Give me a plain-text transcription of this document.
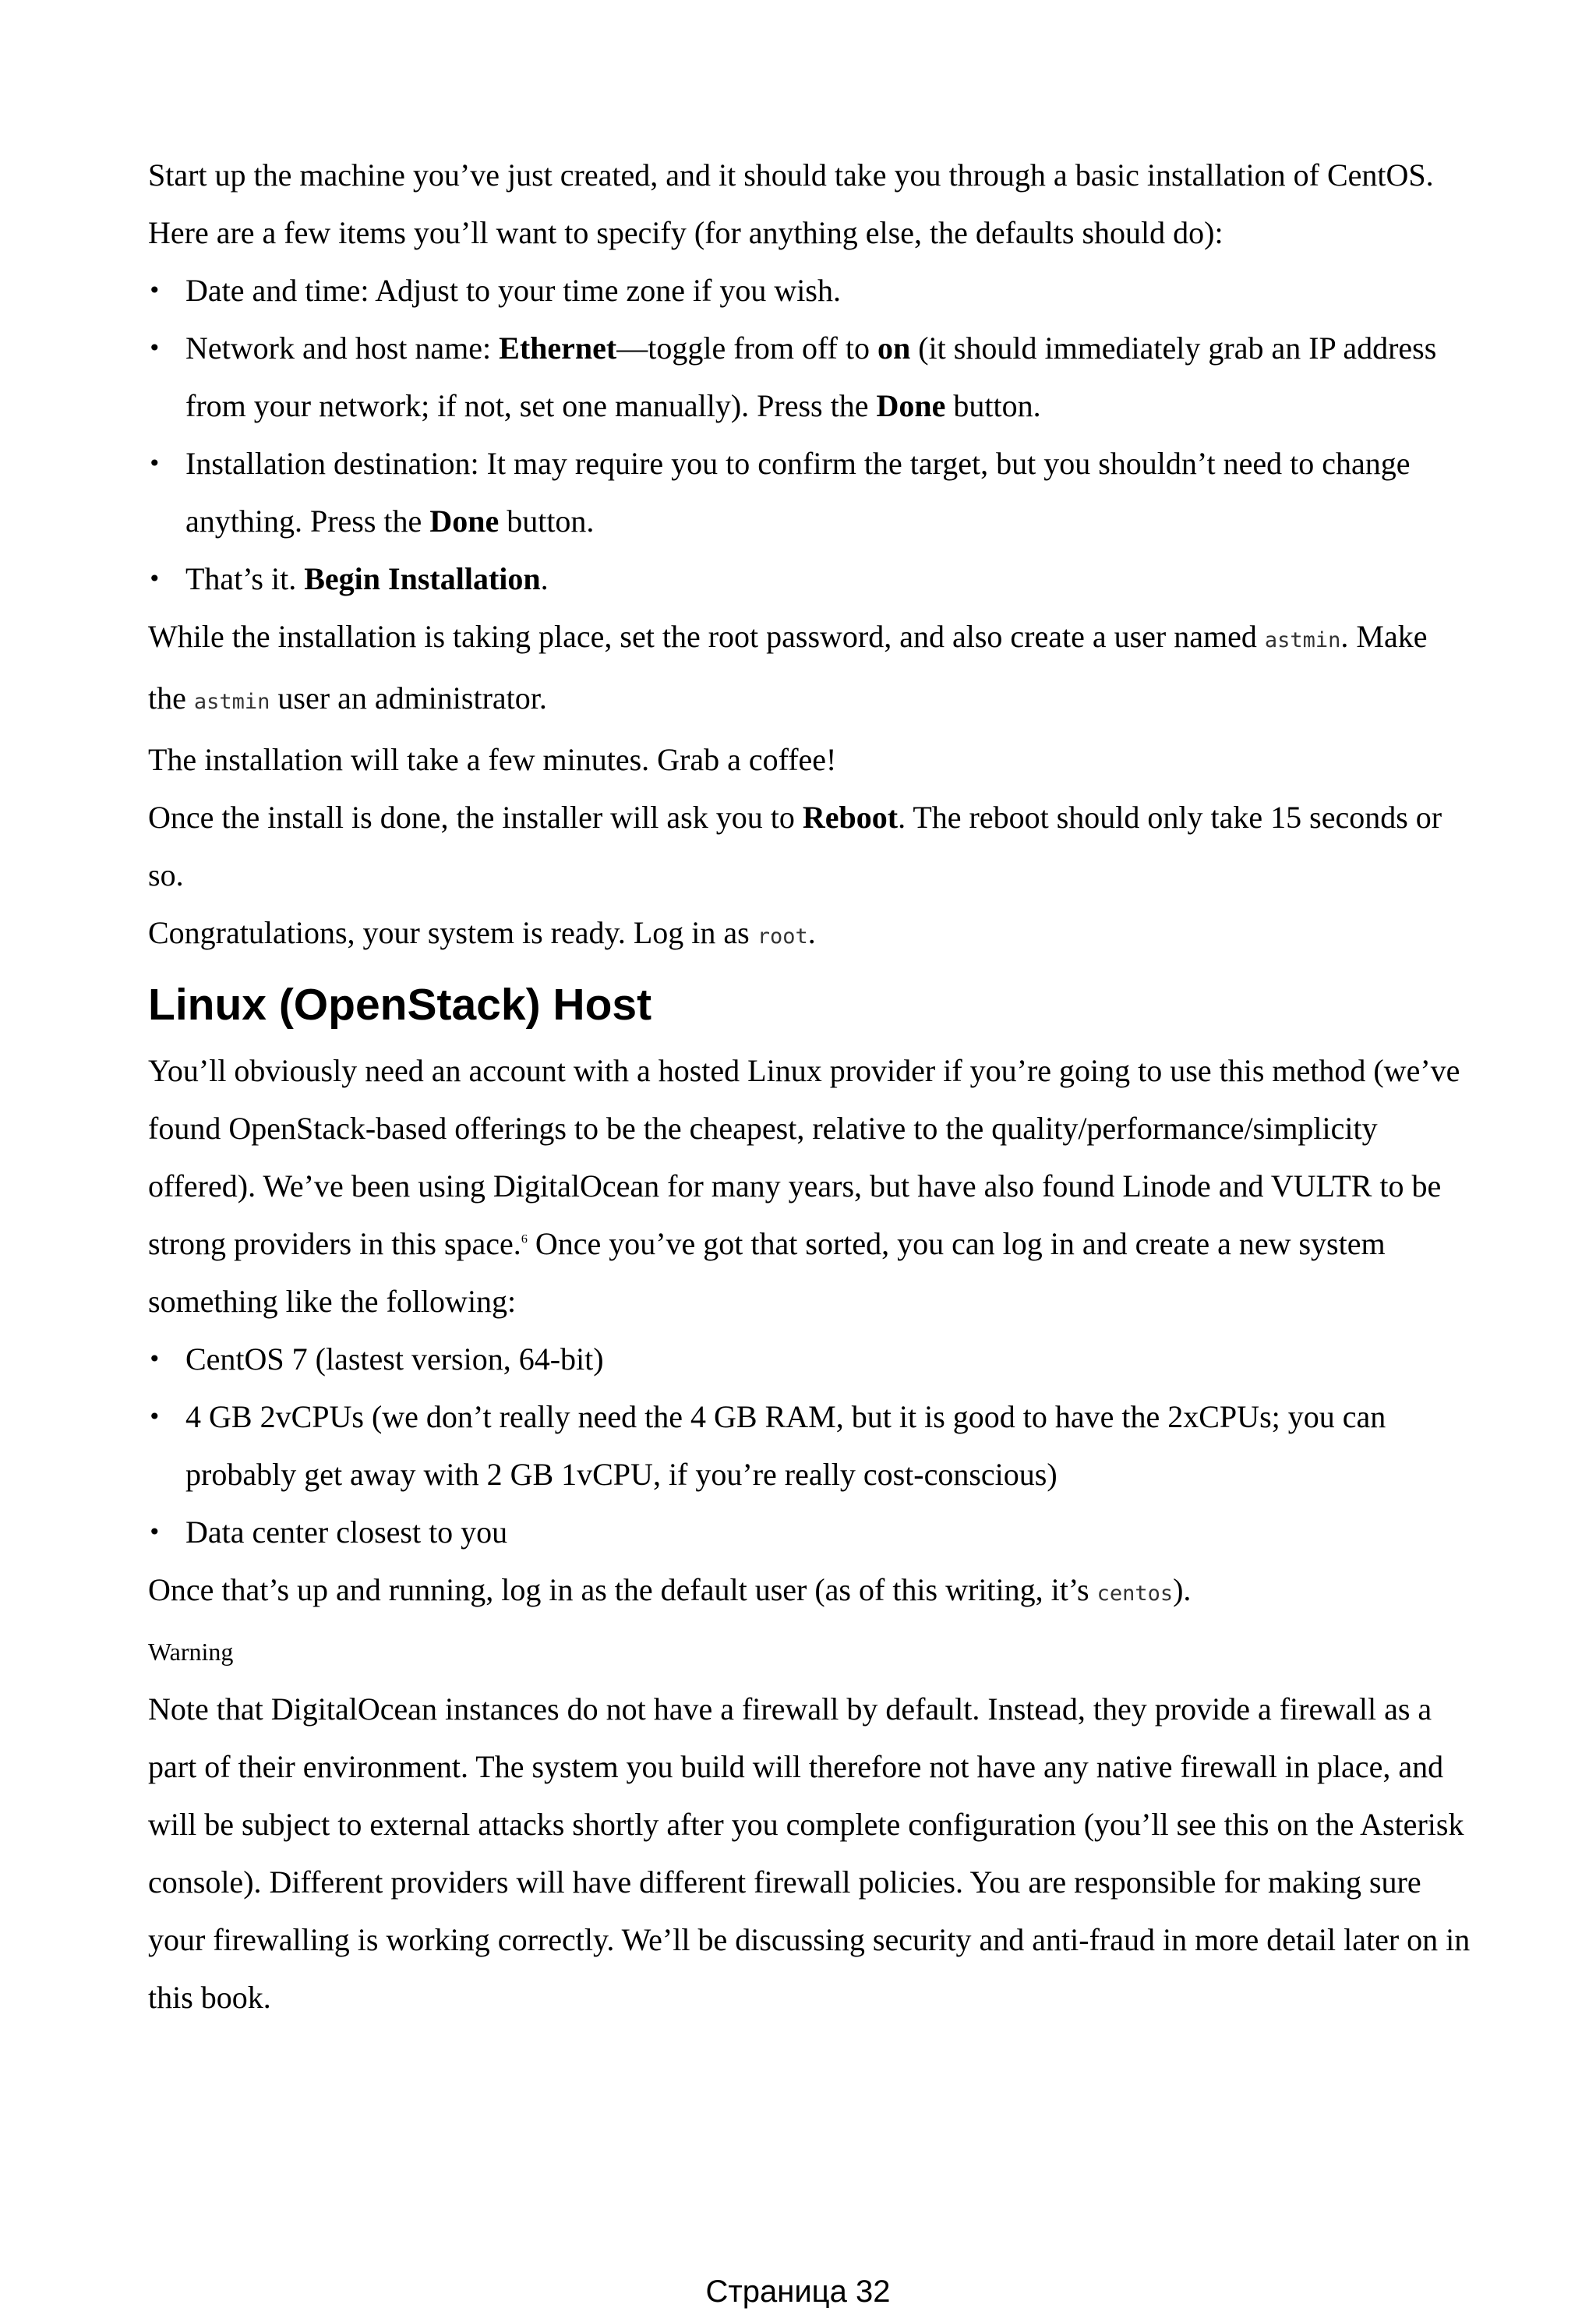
Start up the machine you’ve just created, and it should take you through a basic installation of CentOS. Here are a few items you’ll want to specify (for anything else, the defaults should do):

• Date and time: Adjust to your time zone if you wish.
• Network and host name: Ethernet—toggle from off to on (it should immediately grab an IP address from your network; if not, set one manually). Press the Done button.
• Installation destination: It may require you to confirm the target, but you shouldn’t need to change anything. Press the Done button.
• That’s it. Begin Installation.

While the installation is taking place, set the root password, and also create a user named astmin. Make the astmin user an administrator.

The installation will take a few minutes. Grab a coffee!

Once the install is done, the installer will ask you to Reboot. The reboot should only take 15 seconds or so.

Congratulations, your system is ready. Log in as root.

Linux (OpenStack) Host

You’ll obviously need an account with a hosted Linux provider if you’re going to use this method (we’ve found OpenStack-based offerings to be the cheapest, relative to the quality/performance/simplicity offered). We’ve been using DigitalOcean for many years, but have also found Linode and VULTR to be strong providers in this space.$^6$ Once you’ve got that sorted, you can log in and create a new system something like the following:

• CentOS 7 (lastest version, 64-bit)
• 4 GB 2vCPUs (we don’t really need the 4 GB RAM, but it is good to have the 2xCPUs; you can probably get away with 2 GB 1vCPU, if you’re really cost-conscious)
• Data center closest to you

Once that’s up and running, log in as the default user (as of this writing, it’s centos).

Warning

Note that DigitalOcean instances do not have a firewall by default. Instead, they provide a firewall as a part of their environment. The system you build will therefore not have any native firewall in place, and will be subject to external attacks shortly after you complete configuration (you’ll see this on the Asterisk console). Different providers will have different firewall policies. You are responsible for making sure your firewalling is working correctly. We’ll be discussing security and anti-fraud in more detail later on in this book.

Страница 32
